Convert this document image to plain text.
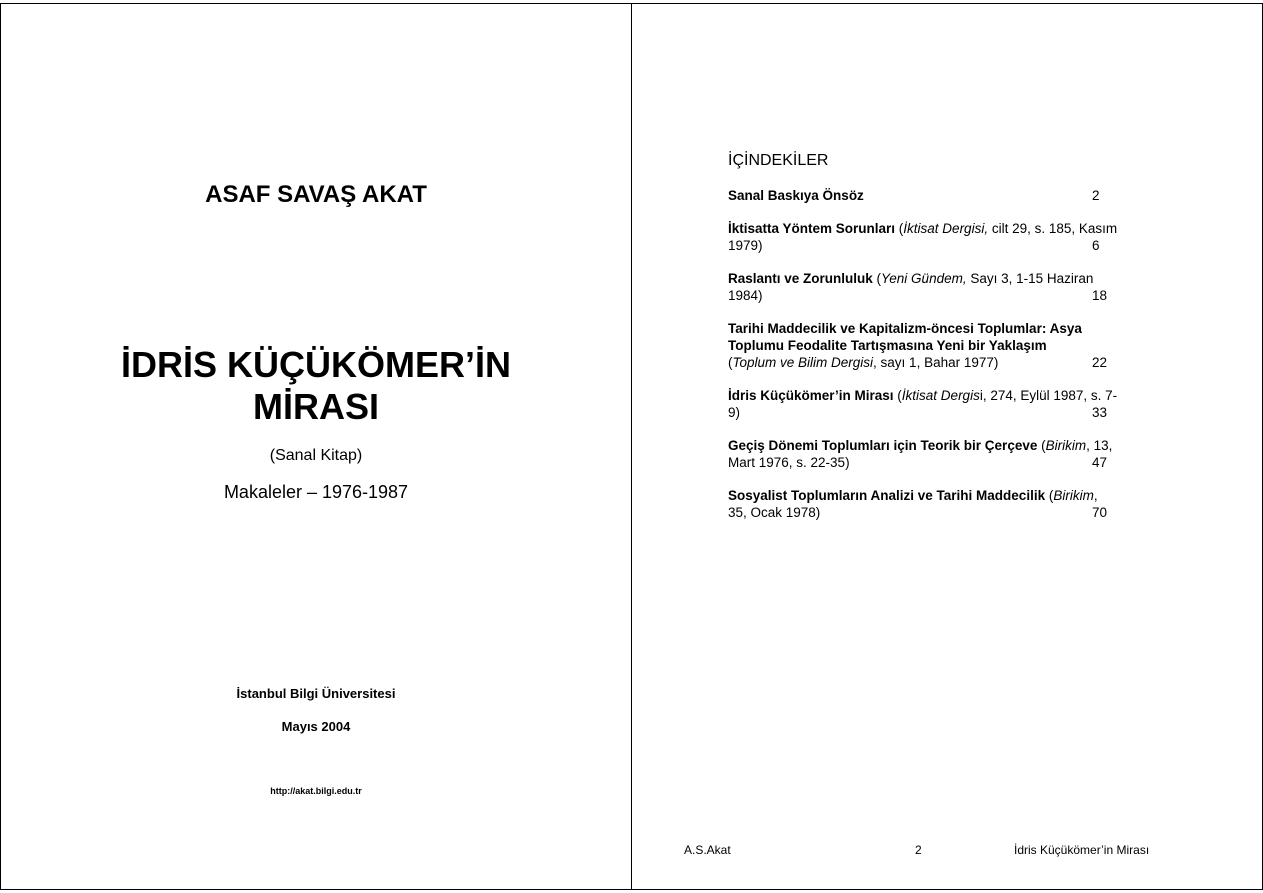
ASAF SAVAŞ AKAT
İDRİS KÜÇÜKÖMER’İN
MİRASI
(Sanal Kitap)
Makaleler – 1976-1987
İstanbul Bilgi Üniversitesi
Mayıs 2004
http://akat.bilgi.edu.tr
İÇİNDEKİLER
Sanal Baskıya Önsöz	2
İktisatta Yöntem Sorunları (İktisat Dergisi, cilt 29, s. 185, Kasım 1979)	6
Raslantı ve Zorunluluk (Yeni Gündem, Sayı 3, 1-15 Haziran 1984)	18
Tarihi Maddecilik ve Kapitalizm-öncesi Toplumlar: Asya Toplumu Feodalite Tartışmasına Yeni bir Yaklaşım
(Toplum ve Bilim Dergisi, sayı 1, Bahar 1977)	22
İdris Küçükömer’in Mirası (İktisat Dergisi, 274, Eylül 1987, s. 7-9)	33
Geçiş Dönemi Toplumları için Teorik bir Çerçeve (Birikim, 13, Mart 1976, s. 22-35)	47
Sosyalist Toplumların Analizi ve Tarihi Maddecilik (Birikim, 35, Ocak 1978)	70
A.S.Akat	2	İdris Küçükömer’in Mirası
